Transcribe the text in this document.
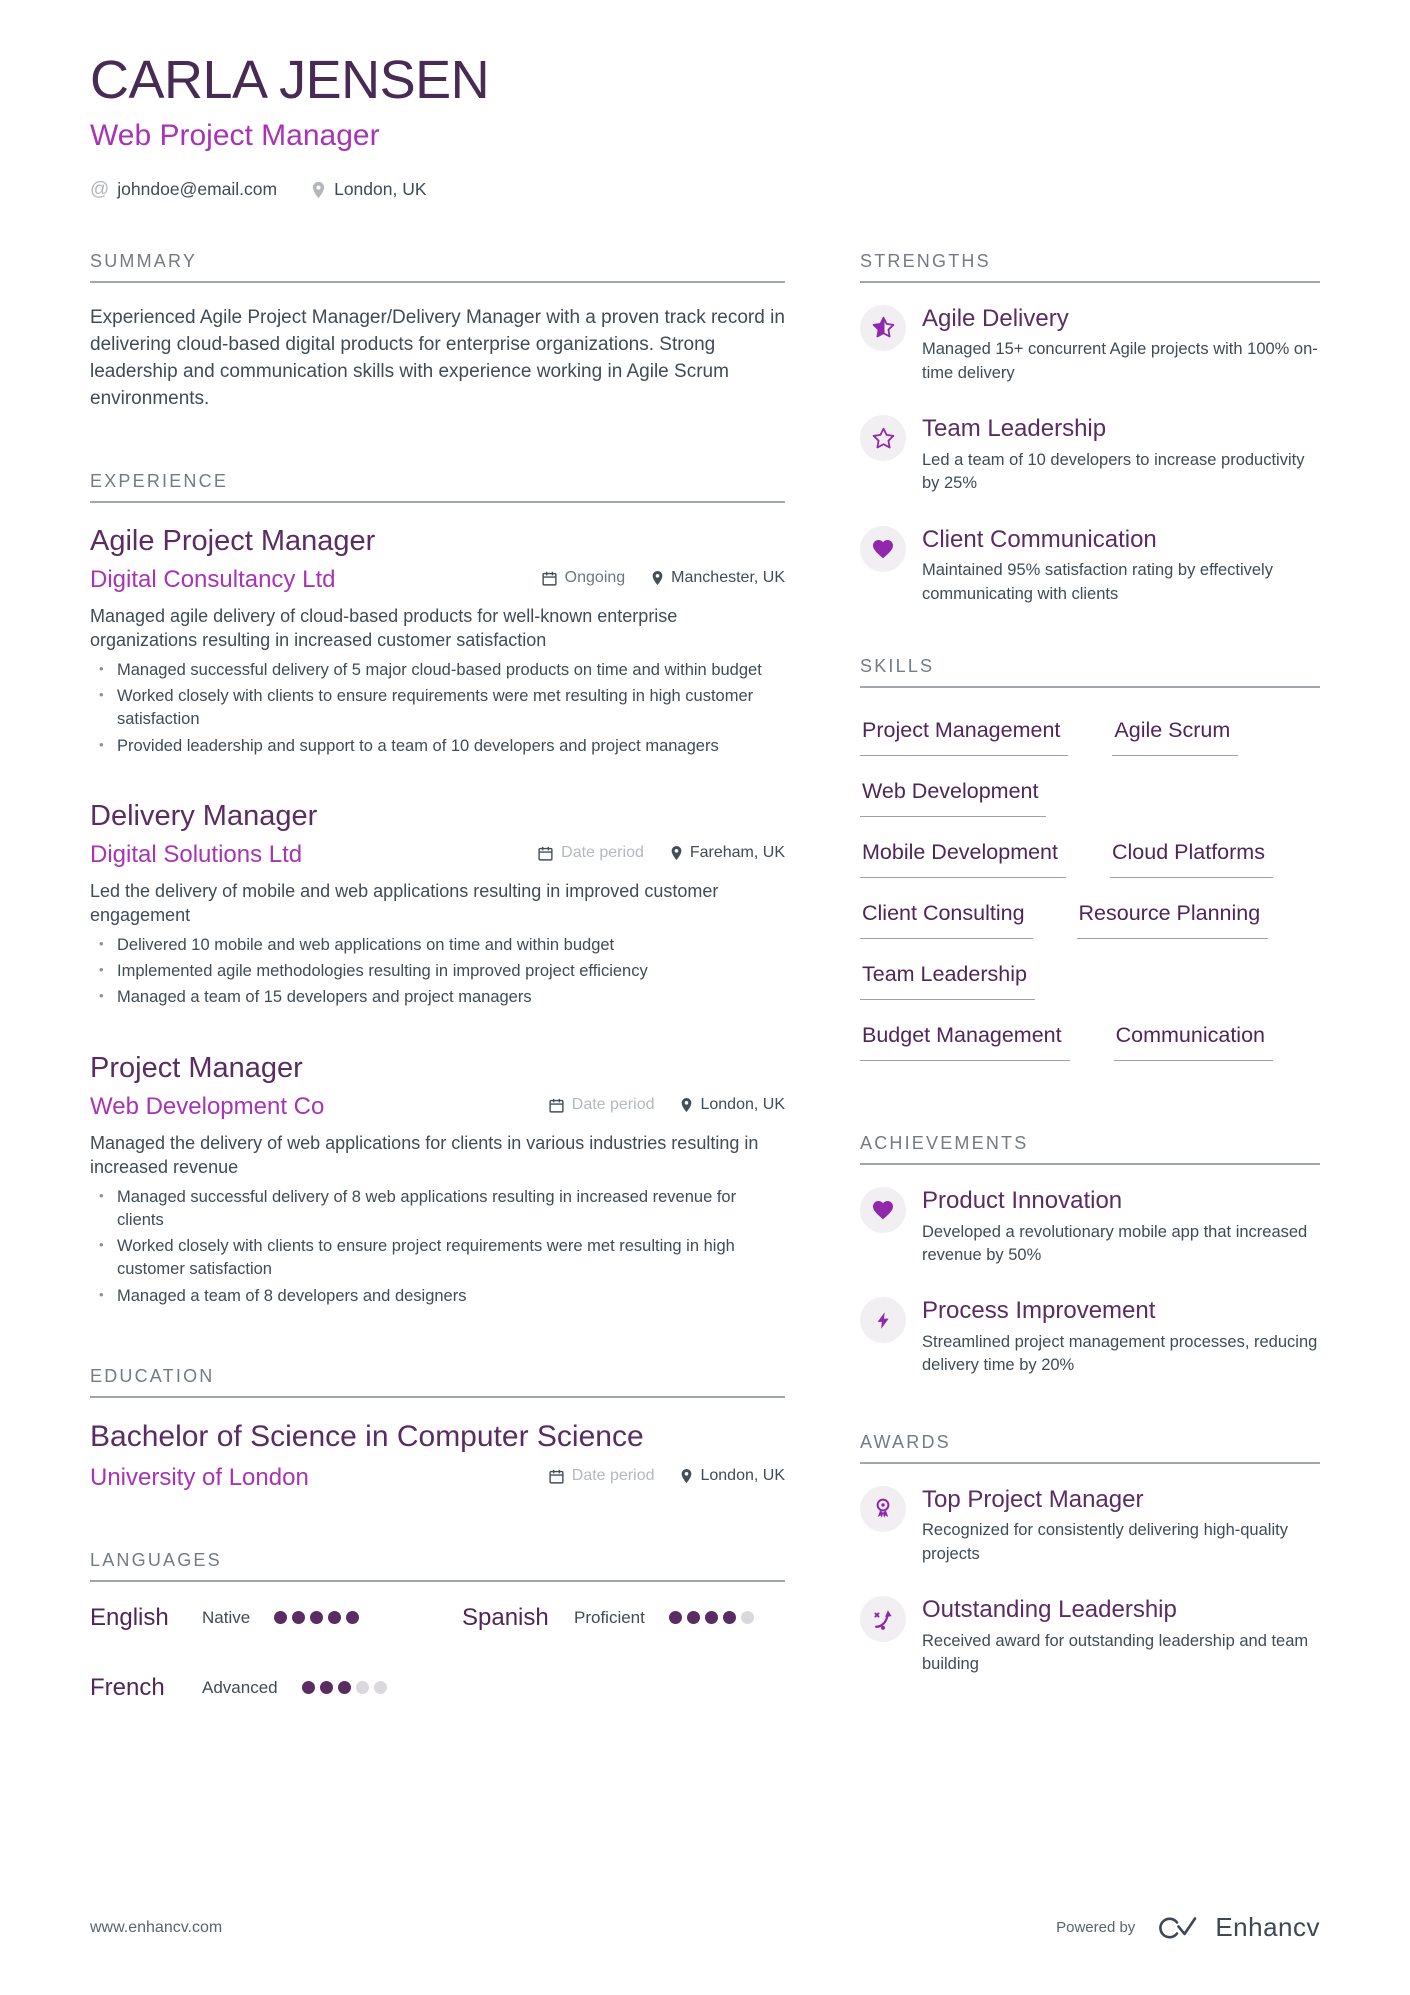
CARLA JENSEN
Web Project Manager
@ johndoe@email.com	London, UK
SUMMARY

Experienced Agile Project Manager/Delivery Manager with a proven track record in delivering cloud-based digital products for enterprise organizations. Strong leadership and communication skills with experience working in Agile Scrum environments.

EXPERIENCE
Agile Project Manager
Digital Consultancy Ltd	Ongoing	Manchester, UK

Managed agile delivery of cloud-based products for well-known enterprise organizations resulting in increased customer satisfaction

• Managed successful delivery of 5 major cloud-based products on time and within budget
• Worked closely with clients to ensure requirements were met resulting in high customer satisfaction
• Provided leadership and support to a team of 10 developers and project managers
Delivery Manager
Digital Solutions Ltd	Date period	Fareham, UK

Led the delivery of mobile and web applications resulting in improved customer engagement

• Delivered 10 mobile and web applications on time and within budget
• Implemented agile methodologies resulting in improved project efficiency
• Managed a team of 15 developers and project managers
Project Manager
Web Development Co	Date period	London, UK

Managed the delivery of web applications for clients in various industries resulting in increased revenue

• Managed successful delivery of 8 web applications resulting in increased revenue for clients
• Worked closely with clients to ensure project requirements were met resulting in high customer satisfaction
• Managed a team of 8 developers and designers
EDUCATION
Bachelor of Science in Computer Science
University of London	Date period	London, UK
LANGUAGES
English	Native	Spanish Proficient
French	Advanced
STRENGTHS
Agile Delivery

Managed 15+ concurrent Agile projects with 100% on-time delivery

Team Leadership

Led a team of 10 developers to increase productivity by 25%

Client Communication

Maintained 95% satisfaction rating by effectively communicating with clients

SKILLS
Project Management	Agile Scrum
Web Development
Mobile Development	Cloud Platforms
Client Consulting	Resource Planning
Team Leadership
Budget Management	Communication
ACHIEVEMENTS
Product Innovation

Developed a revolutionary mobile app that increased revenue by 50%

Process Improvement

Streamlined project management processes, reducing delivery time by 20%

AWARDS
Top Project Manager

Recognized for consistently delivering high-quality projects

Outstanding Leadership

Received award for outstanding leadership and team building

www.enhancv.com	Powered by	Enhancv
